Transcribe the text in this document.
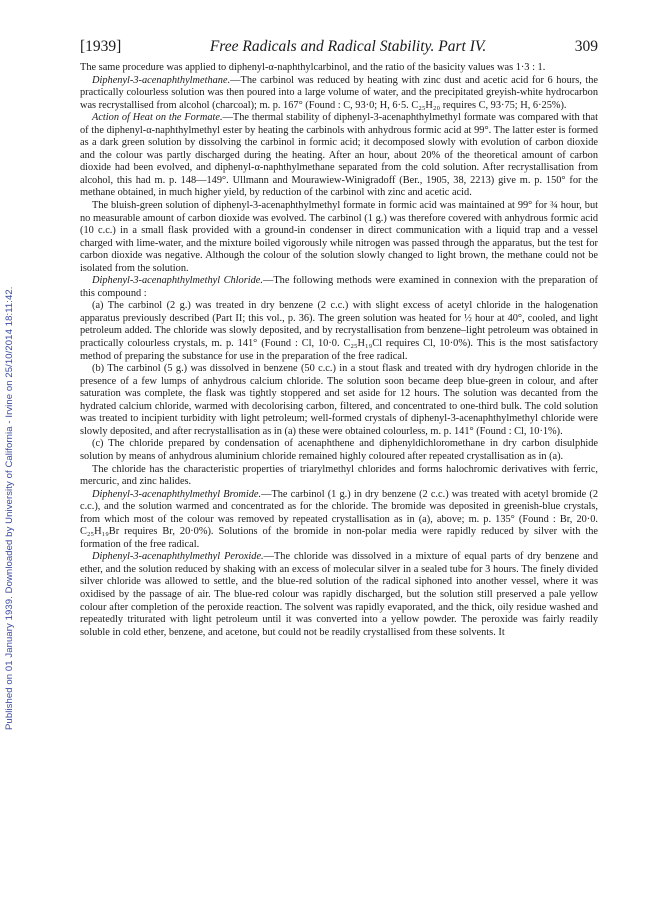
Published on 01 January 1939. Downloaded by University of California - Irvine on 25/10/2014 18:11:42.
[1939]	Free Radicals and Radical Stability. Part IV.	309

The same procedure was applied to diphenyl-α-naphthylcarbinol, and the ratio of the basicity values was 1·3 : 1.

Diphenyl-3-acenaphthylmethane.—The carbinol was reduced by heating with zinc dust and acetic acid for 6 hours, the practically colourless solution was then poured into a large volume of water, and the precipitated greyish-white hydrocarbon was recrystallised from alcohol (charcoal); m. p. 167° (Found : C, 93·0; H, 6·5. C₂₅H₂₀ requires C, 93·75; H, 6·25%).

Action of Heat on the Formate.—The thermal stability of diphenyl-3-acenaphthylmethyl formate was compared with that of the diphenyl-α-naphthylmethyl ester by heating the carbinols with anhydrous formic acid at 99°. The latter ester is formed as a dark green solution by dissolving the carbinol in formic acid; it decomposed slowly with evolution of carbon dioxide and the colour was partly discharged during the heating. After an hour, about 20% of the theoretical amount of carbon dioxide had been evolved, and diphenyl-α-naphthylmethane separated from the cold solution. After recrystallisation from alcohol, this had m. p. 148—149°. Ullmann and Mourawiew-Winigradoff (Ber., 1905, 38, 2213) give m. p. 150° for the methane obtained, in much higher yield, by reduction of the carbinol with zinc and acetic acid.

The bluish-green solution of diphenyl-3-acenaphthylmethyl formate in formic acid was maintained at 99° for ¾ hour, but no measurable amount of carbon dioxide was evolved. The carbinol (1 g.) was therefore covered with anhydrous formic acid (10 c.c.) in a small flask provided with a ground-in condenser in direct communication with a liquid trap and a vessel charged with lime-water, and the mixture boiled vigorously while nitrogen was passed through the apparatus, but the test for carbon dioxide was negative. Although the colour of the solution slowly changed to light brown, the methane could not be isolated from the solution.

Diphenyl-3-acenaphthylmethyl Chloride.—The following methods were examined in connexion with the preparation of this compound :

(a) The carbinol (2 g.) was treated in dry benzene (2 c.c.) with slight excess of acetyl chloride in the halogenation apparatus previously described (Part II; this vol., p. 36). The green solution was heated for ½ hour at 40°, cooled, and light petroleum added. The chloride was slowly deposited, and by recrystallisation from benzene–light petroleum was obtained in practically colourless crystals, m. p. 141° (Found : Cl, 10·0. C₂₅H₁₉Cl requires Cl, 10·0%). This is the most satisfactory method of preparing the substance for use in the preparation of the free radical.

(b) The carbinol (5 g.) was dissolved in benzene (50 c.c.) in a stout flask and treated with dry hydrogen chloride in the presence of a few lumps of anhydrous calcium chloride. The solution soon became deep blue-green in colour, and after saturation was complete, the flask was tightly stoppered and set aside for 12 hours. The solution was decanted from the hydrated calcium chloride, warmed with decolorising carbon, filtered, and concentrated to one-third bulk. The cold solution was treated to incipient turbidity with light petroleum; well-formed crystals of diphenyl-3-acenaphthylmethyl chloride were slowly deposited, and after recrystallisation as in (a) these were obtained colourless, m. p. 141° (Found : Cl, 10·1%).

(c) The chloride prepared by condensation of acenaphthene and diphenyldichloromethane in dry carbon disulphide solution by means of anhydrous aluminium chloride remained highly coloured after repeated crystallisation as in (a).

The chloride has the characteristic properties of triarylmethyl chlorides and forms halochromic derivatives with ferric, mercuric, and zinc halides.

Diphenyl-3-acenaphthylmethyl Bromide.—The carbinol (1 g.) in dry benzene (2 c.c.) was treated with acetyl bromide (2 c.c.), and the solution warmed and concentrated as for the chloride. The bromide was deposited in greenish-blue crystals, from which most of the colour was removed by repeated crystallisation as in (a), above; m. p. 135° (Found : Br, 20·0. C₂₅H₁₉Br requires Br, 20·0%). Solutions of the bromide in non-polar media were rapidly reduced by silver with the formation of the free radical.

Diphenyl-3-acenaphthylmethyl Peroxide.—The chloride was dissolved in a mixture of equal parts of dry benzene and ether, and the solution reduced by shaking with an excess of molecular silver in a sealed tube for 3 hours. The finely divided silver chloride was allowed to settle, and the blue-red solution of the radical siphoned into another vessel, where it was oxidised by the passage of air. The blue-red colour was rapidly discharged, but the solution still preserved a pale yellow colour after completion of the peroxide reaction. The solvent was rapidly evaporated, and the thick, oily residue washed and repeatedly triturated with light petroleum until it was converted into a yellow powder. The peroxide was fairly readily soluble in cold ether, benzene, and acetone, but could not be readily crystallised from these solvents. It
